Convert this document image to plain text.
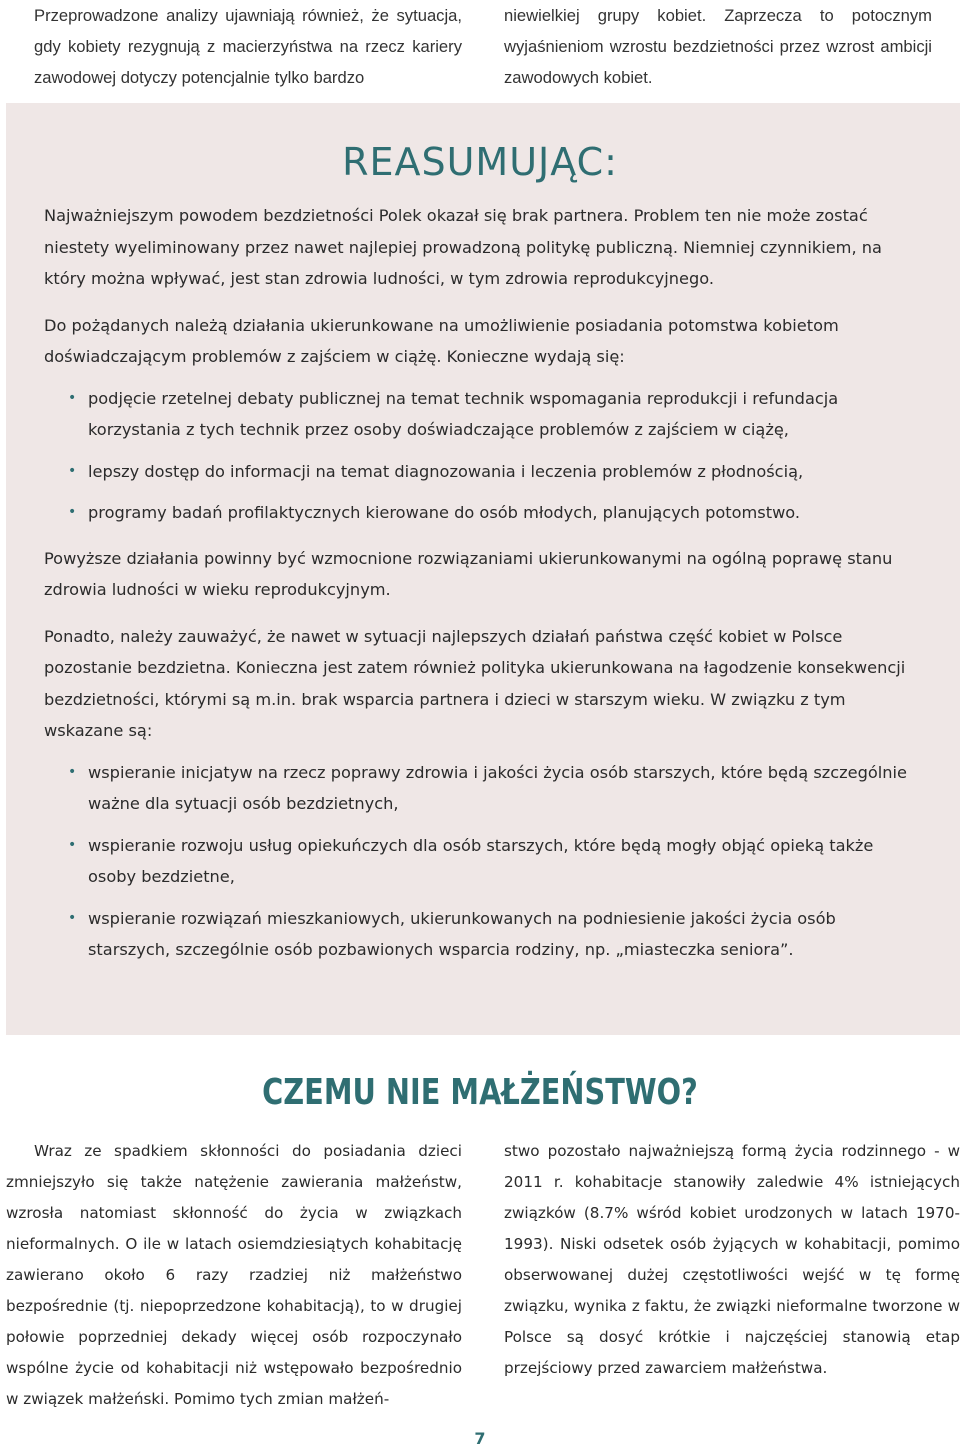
Przeprowadzone analizy ujawniają również, że sytuacja, gdy kobiety rezygnują z macierzyństwa na rzecz kariery zawodowej dotyczy potencjalnie tylko bardzo

niewielkiej grupy kobiet. Zaprzecza to potocznym wyjaśnieniom wzrostu bezdzietności przez wzrost ambicji zawodowych kobiet.

REASUMUJĄC:

Najważniejszym powodem bezdzietności Polek okazał się brak partnera. Problem ten nie może zostać niestety wyeliminowany przez nawet najlepiej prowadzoną politykę publiczną. Niemniej czynnikiem, na który można wpływać, jest stan zdrowia ludności, w tym zdrowia reprodukcyjnego.

Do pożądanych należą działania ukierunkowane na umożliwienie posiadania potomstwa kobietom doświadczającym problemów z zajściem w ciążę. Konieczne wydają się:

• podjęcie rzetelnej debaty publicznej na temat technik wspomagania reprodukcji i refundacja korzystania z tych technik przez osoby doświadczające problemów z zajściem w ciążę,
• lepszy dostęp do informacji na temat diagnozowania i leczenia problemów z płodnością,
• programy badań profilaktycznych kierowane do osób młodych, planujących potomstwo.

Powyższe działania powinny być wzmocnione rozwiązaniami ukierunkowanymi na ogólną poprawę stanu zdrowia ludności w wieku reprodukcyjnym.

Ponadto, należy zauważyć, że nawet w sytuacji najlepszych działań państwa część kobiet w Polsce pozostanie bezdzietna. Konieczna jest zatem również polityka ukierunkowana na łagodzenie konsekwencji bezdzietności, którymi są m.in. brak wsparcia partnera i dzieci w starszym wieku. W związku z tym wskazane są:

• wspieranie inicjatyw na rzecz poprawy zdrowia i jakości życia osób starszych, które będą szczególnie ważne dla sytuacji osób bezdzietnych,
• wspieranie rozwoju usług opiekuńczych dla osób starszych, które będą mogły objąć opieką także osoby bezdzietne,
• wspieranie rozwiązań mieszkaniowych, ukierunkowanych na podniesienie jakości życia osób starszych, szczególnie osób pozbawionych wsparcia rodziny, np. „miasteczka seniora”.
CZEMU NIE MAŁŻEŃSTWO?

Wraz ze spadkiem skłonności do posiadania dzieci zmniejszyło się także natężenie zawierania małżeństw, wzrosła natomiast skłonność do życia w związkach nieformalnych. O ile w latach osiemdziesiątych kohabitację zawierano około 6 razy rzadziej niż małżeństwo bezpośrednie (tj. niepoprzedzone kohabitacją), to w drugiej połowie poprzedniej dekady więcej osób rozpoczynało wspólne życie od kohabitacji niż wstępowało bezpośrednio w związek małżeński. Pomimo tych zmian małżeń-

stwo pozostało najważniejszą formą życia rodzinnego - w 2011 r. kohabitacje stanowiły zaledwie 4% istniejących związków (8.7% wśród kobiet urodzonych w latach 1970-1993). Niski odsetek osób żyjących w kohabitacji, pomimo obserwowanej dużej częstotliwości wejść w tę formę związku, wynika z faktu, że związki nieformalne tworzone w Polsce są dosyć krótkie i najczęściej stanowią etap przejściowy przed zawarciem małżeństwa.

7
